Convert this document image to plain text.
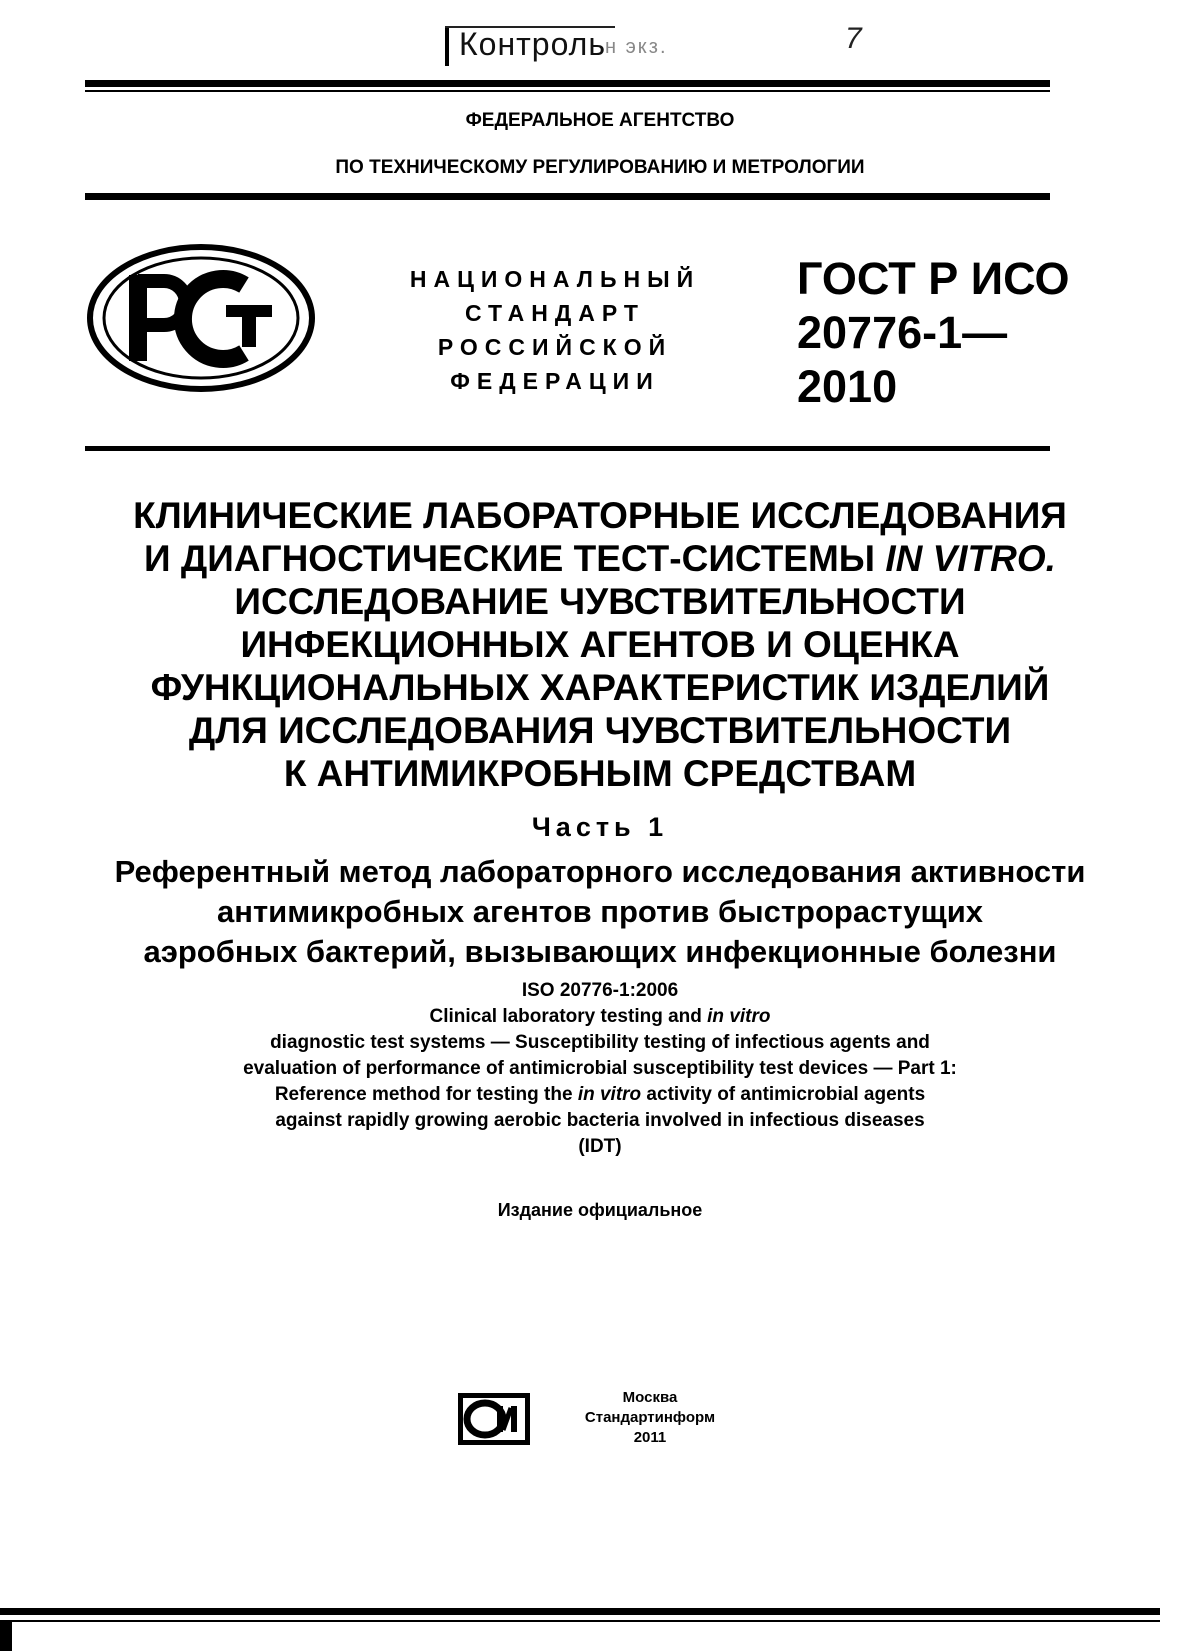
Контроль н экз.	7
ФЕДЕРАЛЬНОЕ АГЕНТСТВО
ПО ТЕХНИЧЕСКОМУ РЕГУЛИРОВАНИЮ И МЕТРОЛОГИИ
НАЦИОНАЛЬНЫЙ
СТАНДАРТ
РОССИЙСКОЙ
ФЕДЕРАЦИИ
ГОСТ Р ИСО
20776-1—
2010
КЛИНИЧЕСКИЕ ЛАБОРАТОРНЫЕ ИССЛЕДОВАНИЯ
И ДИАГНОСТИЧЕСКИЕ ТЕСТ-СИСТЕМЫ IN VITRO.
ИССЛЕДОВАНИЕ ЧУВСТВИТЕЛЬНОСТИ
ИНФЕКЦИОННЫХ АГЕНТОВ И ОЦЕНКА
ФУНКЦИОНАЛЬНЫХ ХАРАКТЕРИСТИК ИЗДЕЛИЙ
ДЛЯ ИССЛЕДОВАНИЯ ЧУВСТВИТЕЛЬНОСТИ
К АНТИМИКРОБНЫМ СРЕДСТВАМ
Часть 1
Референтный метод лабораторного исследования активности
антимикробных агентов против быстрорастущих
аэробных бактерий, вызывающих инфекционные болезни
ISO 20776-1:2006
Clinical laboratory testing and in vitro
diagnostic test systems — Susceptibility testing of infectious agents and
evaluation of performance of antimicrobial susceptibility test devices — Part 1:
Reference method for testing the in vitro activity of antimicrobial agents
against rapidly growing aerobic bacteria involved in infectious diseases
(IDT)
Издание официальное
Москва
Стандартинформ
2011
